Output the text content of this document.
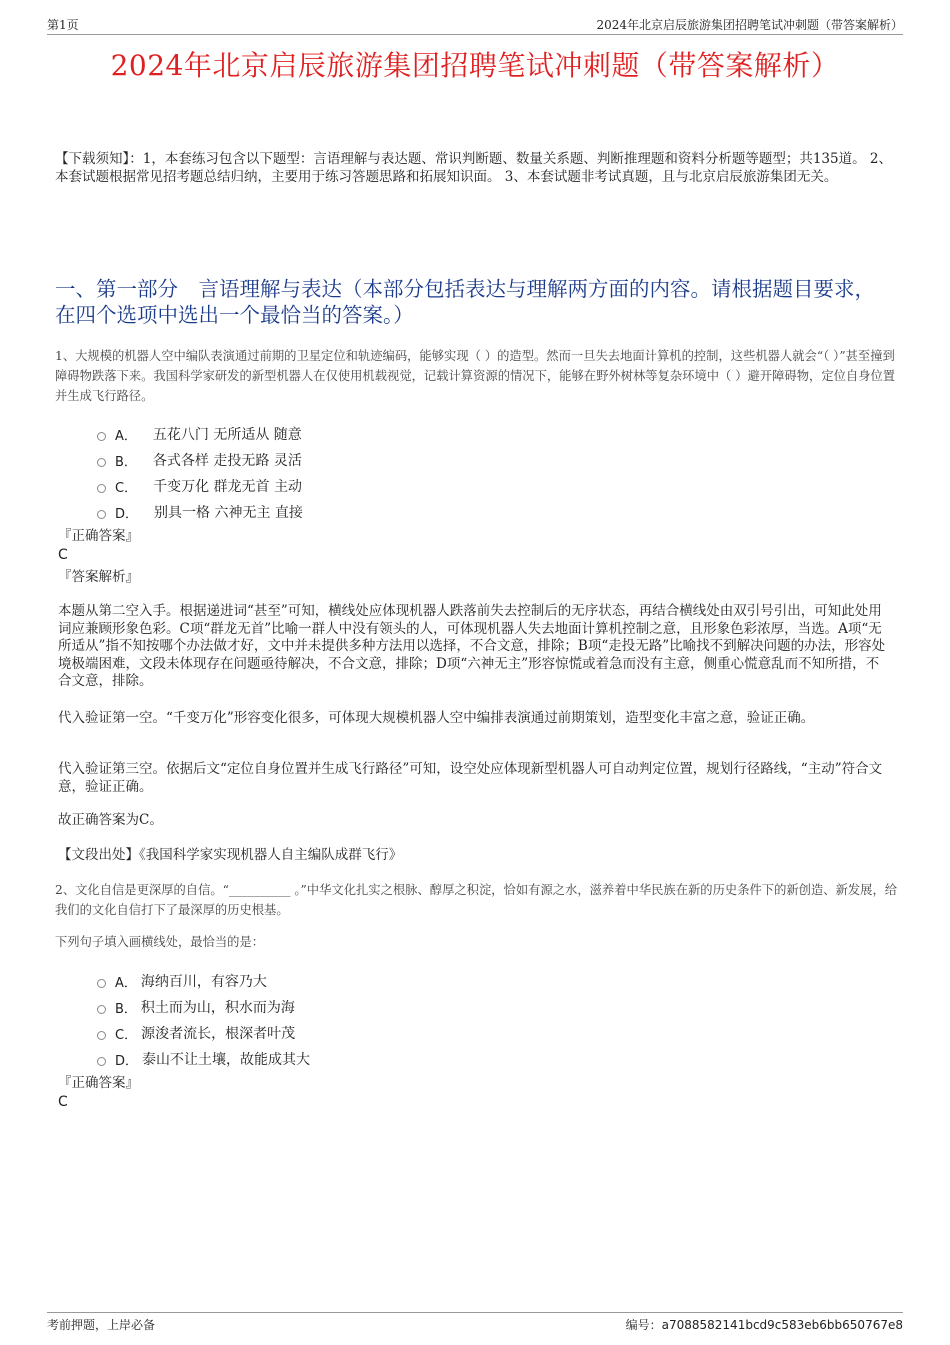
第1页	2024年北京启辰旅游集团招聘笔试冲刺题（带答案解析）
2024年北京启辰旅游集团招聘笔试冲刺题（带答案解析）
【下载须知】：1，本套练习包含以下题型：言语理解与表达题、常识判断题、数量关系题、判断推理题和资料分析题等题型；共135道。 2、本套试题根据常见招考题总结归纳，主要用于练习答题思路和拓展知识面。 3、本套试题非考试真题，且与北京启辰旅游集团无关。
一、第一部分　言语理解与表达（本部分包括表达与理解两方面的内容。请根据题目要求，在四个选项中选出一个最恰当的答案。）
1、大规模的机器人空中编队表演通过前期的卫星定位和轨迹编码，能够实现（ ）的造型。然而一旦失去地面计算机的控制，这些机器人就会“（ ）”甚至撞到障碍物跌落下来。我国科学家研发的新型机器人在仅使用机载视觉，记载计算资源的情况下，能够在野外树林等复杂环境中（ ）避开障碍物，定位自身位置并生成飞行路径。
A． 五花八门 无所适从 随意
B． 各式各样 走投无路 灵活
C． 千变万化 群龙无首 主动
D． 别具一格 六神无主 直接
『正确答案』
C
『答案解析』
本题从第二空入手。根据递进词“甚至”可知，横线处应体现机器人跌落前失去控制后的无序状态，再结合横线处由双引号引出，可知此处用词应兼顾形象色彩。C项“群龙无首”比喻一群人中没有领头的人，可体现机器人失去地面计算机控制之意，且形象色彩浓厚，当选。A项“无所适从”指不知按哪个办法做才好，文中并未提供多种方法用以选择，不合文意，排除；B项“走投无路”比喻找不到解决问题的办法，形容处境极端困难，文段未体现存在问题亟待解决，不合文意，排除；D项“六神无主”形容惊慌或着急而没有主意，侧重心慌意乱而不知所措，不合文意，排除。
代入验证第一空。“千变万化”形容变化很多，可体现大规模机器人空中编排表演通过前期策划，造型变化丰富之意，验证正确。
代入验证第三空。依据后文“定位自身位置并生成飞行路径”可知，设空处应体现新型机器人可自动判定位置，规划行径路线，“主动”符合文意，验证正确。
故正确答案为C。
【文段出处】《我国科学家实现机器人自主编队成群飞行》
2、文化自信是更深厚的自信。“__________ 。”中华文化扎实之根脉、醇厚之积淀，恰如有源之水，滋养着中华民族在新的历史条件下的新创造、新发展，给我们的文化自信打下了最深厚的历史根基。
下列句子填入画横线处，最恰当的是：
A． 海纳百川，有容乃大
B． 积土而为山，积水而为海
C． 源浚者流长，根深者叶茂
D． 泰山不让土壤，故能成其大
『正确答案』
C
考前押题，上岸必备	编号：a7088582141bcd9c583eb6bb650767e8
